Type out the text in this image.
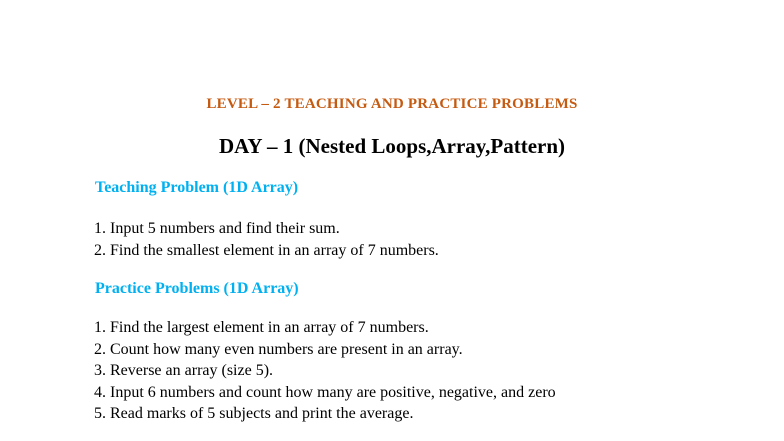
LEVEL – 2 TEACHING AND PRACTICE PROBLEMS
DAY – 1 (Nested Loops,Array,Pattern)
Teaching Problem (1D Array)
1. Input 5 numbers and find their sum.
2. Find the smallest element in an array of 7 numbers.
Practice Problems (1D Array)
1. Find the largest element in an array of 7 numbers.
2. Count how many even numbers are present in an array.
3. Reverse an array (size 5).
4. Input 6 numbers and count how many are positive, negative, and zero
5. Read marks of 5 subjects and print the average.
